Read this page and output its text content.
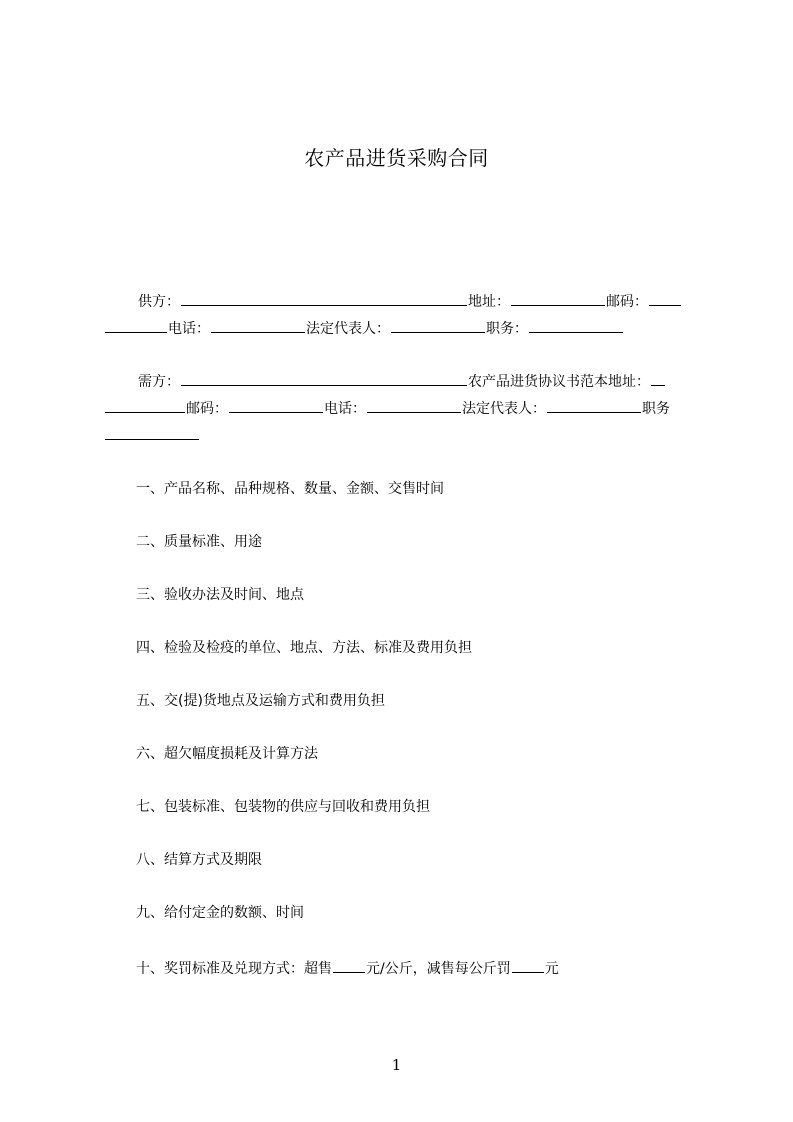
农产品进货采购合同
供方：	地址：	邮码：
电话：	法定代表人：	职务：
需方：	农产品进货协议书范本地址：
邮码：	电话：	法定代表人：	职务
一、产品名称、品种规格、数量、金额、交售时间
二、质量标准、用途
三、验收办法及时间、地点
四、检验及检疫的单位、地点、方法、标准及费用负担
五、交(提)货地点及运输方式和费用负担
六、超欠幅度损耗及计算方法
七、包装标准、包装物的供应与回收和费用负担
八、结算方式及期限
九、给付定金的数额、时间
十、奖罚标准及兑现方式：超售 元/公斤，减售每公斤罚 元
1
